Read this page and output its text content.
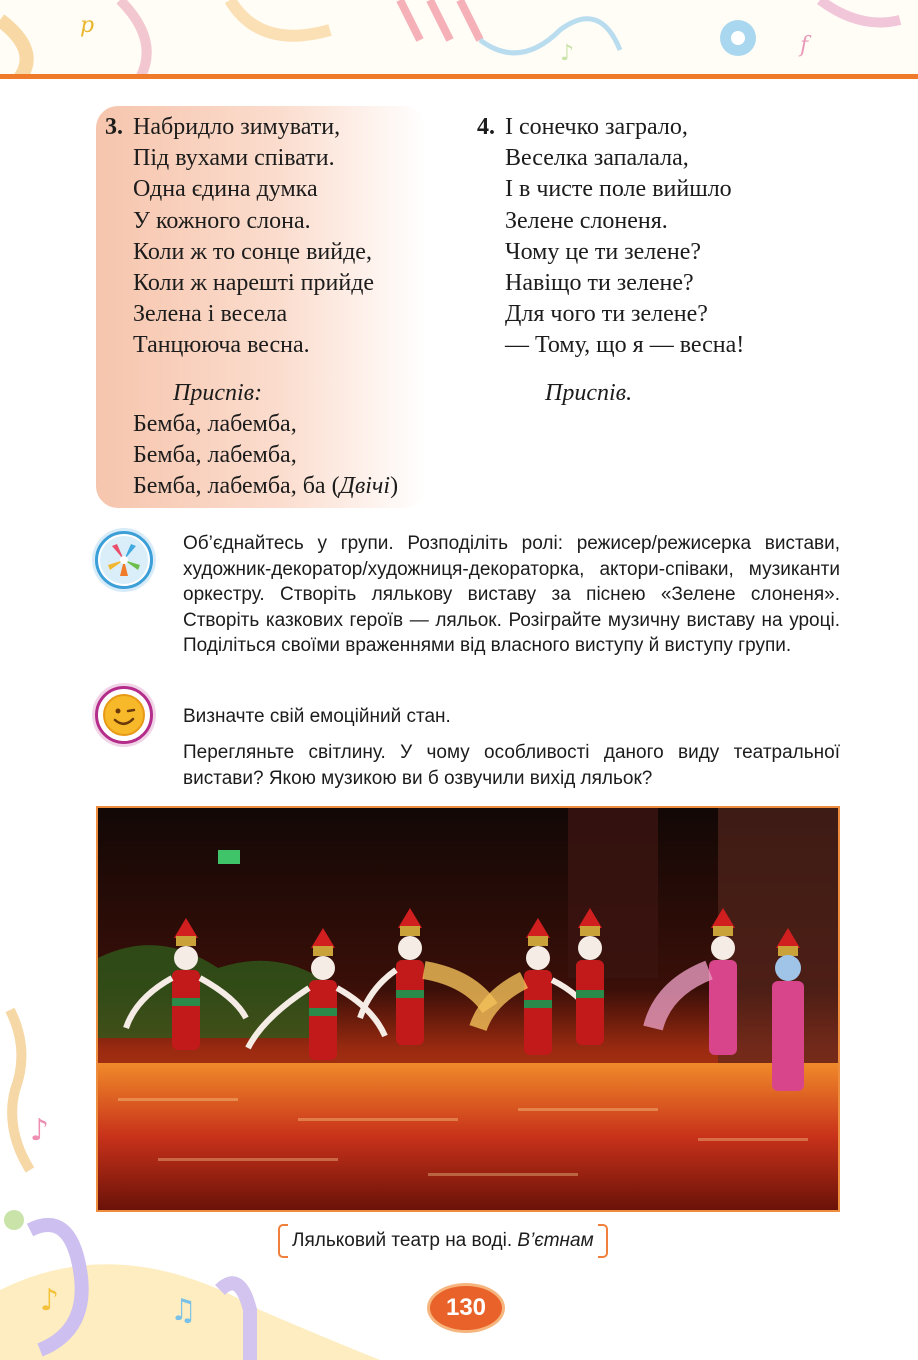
p
f
♪
3. Набридло зимувати,
Під вухами співати.
Одна єдина думка
У кожного слона.
Коли ж то сонце вийде,
Коли ж нарешті прийде
Зелена і весела
Танцююча весна.
Приспів:
Бемба, лабемба,
Бемба, лабемба,
Бемба, лабемба, ба (Двічі)
4. І сонечко заграло,
Веселка запалала,
І в чисте поле вийшло
Зелене слоненя.
Чому це ти зелене?
Навіщо ти зелене?
Для чого ти зелене?
— Тому, що я — весна!
Приспів.
Об’єднайтесь у групи. Розподіліть ролі: режисер/режисерка вистави, художник-декоратор/художниця-декораторка, актори-співаки, музиканти оркестру. Створіть лялькову виставу за піснею «Зелене слоненя». Створіть казкових героїв — ляльок. Розіграйте музичну виставу на уроці. Поділіться своїми враженнями від власного виступу й виступу групи.
Визначте свій емоційний стан.
Перегляньте світлину. У чому особливості даного виду театральної вистави? Якою музикою ви б озвучили вихід ляльок?
Ляльковий театр на воді. В’єтнам
♪
♪	♫	130
